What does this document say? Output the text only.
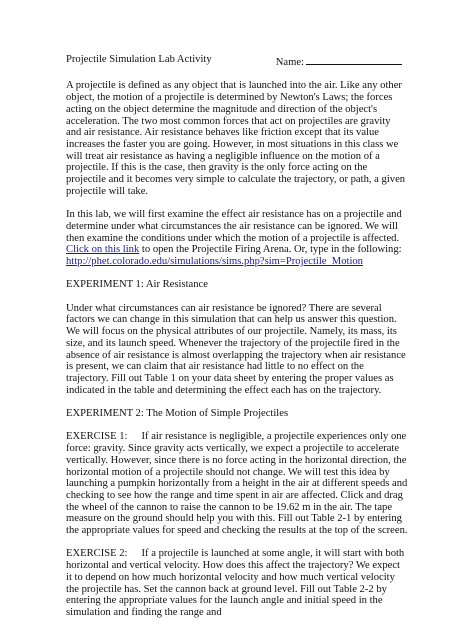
Projectile Simulation Lab Activity	Name:

A projectile is defined as any object that is launched into the air. Like any other object, the motion of a projectile is determined by Newton's Laws; the forces acting on the object determine the magnitude and direction of the object's acceleration. The two most common forces that act on projectiles are gravity and air resistance. Air resistance behaves like friction except that its value increases the faster you are going. However, in most situations in this class we will treat air resistance as having a negligible influence on the motion of a projectile. If this is the case, then gravity is the only force acting on the projectile and it becomes very simple to calculate the trajectory, or path, a given projectile will take.

In this lab, we will first examine the effect air resistance has on a projectile and determine under what circumstances the air resistance can be ignored. We will then examine the conditions under which the motion of a projectile is affected. Click on this link to open the Projectile Firing Arena. Or, type in the following: http://phet.colorado.edu/simulations/sims.php?sim=Projectile_Motion

EXPERIMENT 1: Air Resistance

Under what circumstances can air resistance be ignored? There are several factors we can change in this simulation that can help us answer this question. We will focus on the physical attributes of our projectile. Namely, its mass, its size, and its launch speed. Whenever the trajectory of the projectile fired in the absence of air resistance is almost overlapping the trajectory when air resistance is present, we can claim that air resistance had little to no effect on the trajectory. Fill out Table 1 on your data sheet by entering the proper values as indicated in the table and determining the effect each has on the trajectory.

EXPERIMENT 2: The Motion of Simple Projectiles

EXERCISE 1: If air resistance is negligible, a projectile experiences only one force: gravity. Since gravity acts vertically, we expect a projectile to accelerate vertically. However, since there is no force acting in the horizontal direction, the horizontal motion of a projectile should not change. We will test this idea by launching a pumpkin horizontally from a height in the air at different speeds and checking to see how the range and time spent in air are affected. Click and drag the wheel of the cannon to raise the cannon to be 19.62 m in the air. The tape measure on the ground should help you with this. Fill out Table 2-1 by entering the appropriate values for speed and checking the results at the top of the screen.

EXERCISE 2: If a projectile is launched at some angle, it will start with both horizontal and vertical velocity. How does this affect the trajectory? We expect it to depend on how much horizontal velocity and how much vertical velocity the projectile has. Set the cannon back at ground level. Fill out Table 2-2 by entering the appropriate values for the launch angle and initial speed in the simulation and finding the range and
